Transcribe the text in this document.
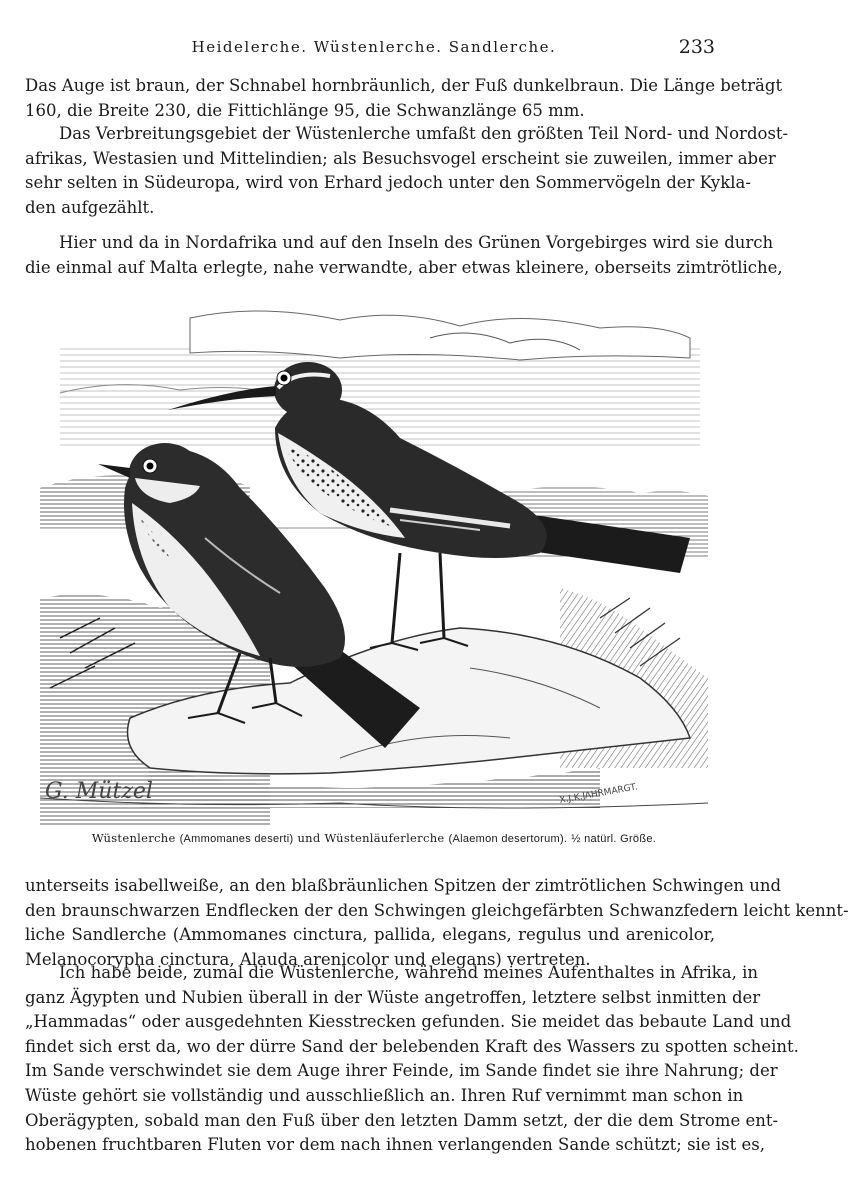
Heidelerche. Wüstenlerche. Sandlerche.	233
Das Auge ist braun, der Schnabel hornbräunlich, der Fuß dunkelbraun. Die Länge beträgt
160, die Breite 230, die Fittichlänge 95, die Schwanzlänge 65 mm.
Das Verbreitungsgebiet der Wüstenlerche umfaßt den größten Teil Nord- und Nordost-
afrikas, Westasien und Mittelindien; als Besuchsvogel erscheint sie zuweilen, immer aber
sehr selten in Südeuropa, wird von Erhard jedoch unter den Sommervögeln der Kykla-
den aufgezählt.
Hier und da in Nordafrika und auf den Inseln des Grünen Vorgebirges wird sie durch
die einmal auf Malta erlegte, nahe verwandte, aber etwas kleinere, oberseits zimtrötliche,
G. Mützel	X.J.K.JAHRMARGT.
Wüstenlerche (Ammomanes deserti) und Wüstenläuferlerche (Alaemon desertorum). ½ natürl. Größe.
unterseits isabellweiße, an den blaßbräunlichen Spitzen der zimtrötlichen Schwingen und
den braunschwarzen Endflecken der den Schwingen gleichgefärbten Schwanzfedern leicht kennt-
liche Sandlerche (Ammomanes cinctura, pallida, elegans, regulus und arenicolor,
Melanocorypha cinctura, Alauda arenicolor und elegans) vertreten.
Ich habe beide, zumal die Wüstenlerche, während meines Aufenthaltes in Afrika, in
ganz Ägypten und Nubien überall in der Wüste angetroffen, letztere selbst inmitten der
„Hammadas“ oder ausgedehnten Kiesstrecken gefunden. Sie meidet das bebaute Land und
findet sich erst da, wo der dürre Sand der belebenden Kraft des Wassers zu spotten scheint.
Im Sande verschwindet sie dem Auge ihrer Feinde, im Sande findet sie ihre Nahrung; der
Wüste gehört sie vollständig und ausschließlich an. Ihren Ruf vernimmt man schon in
Oberägypten, sobald man den Fuß über den letzten Damm setzt, der die dem Strome ent-
hobenen fruchtbaren Fluten vor dem nach ihnen verlangenden Sande schützt; sie ist es,
